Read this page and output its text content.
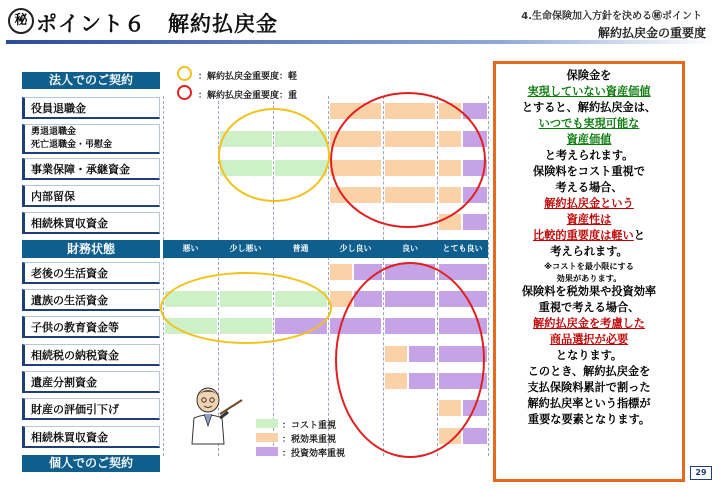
秘 ポイント６　解約払戻金	4.生命保険加入方針を決める㊙ポイント
解約払戻金の重要度
：解約払戻金重要度：軽
：解約払戻金重要度：重
法人でのご契約
役員退職金
勇退退職金
死亡退職金・弔慰金
事業保障・承継資金
内部留保
相続株買収資金
財務状態	悪い	少し悪い	普通	少し良い	良い	とても良い
老後の生活資金
遺族の生活資金
子供の教育資金等
相続税の納税資金
遺産分割資金
財産の評価引下げ
相続株買収資金
個人でのご契約
：コスト重視
：税効果重視
：投資効率重視
保険金を
実現していない資産価値
とすると、解約払戻金は、
いつでも実現可能な
資産価値
と考えられます。
保険料をコスト重視で
考える場合、
解約払戻金という
資産性は
比較的重要度は軽いと
考えられます。
※コストを最小限にする
効果があります。
保険料を税効果や投資効率
重視で考える場合、
解約払戻金を考慮した
商品選択が必要
となります。
このとき、解約払戻金を
支払保険料累計で割った
解約払戻率という指標が
重要な要素となります。
29
